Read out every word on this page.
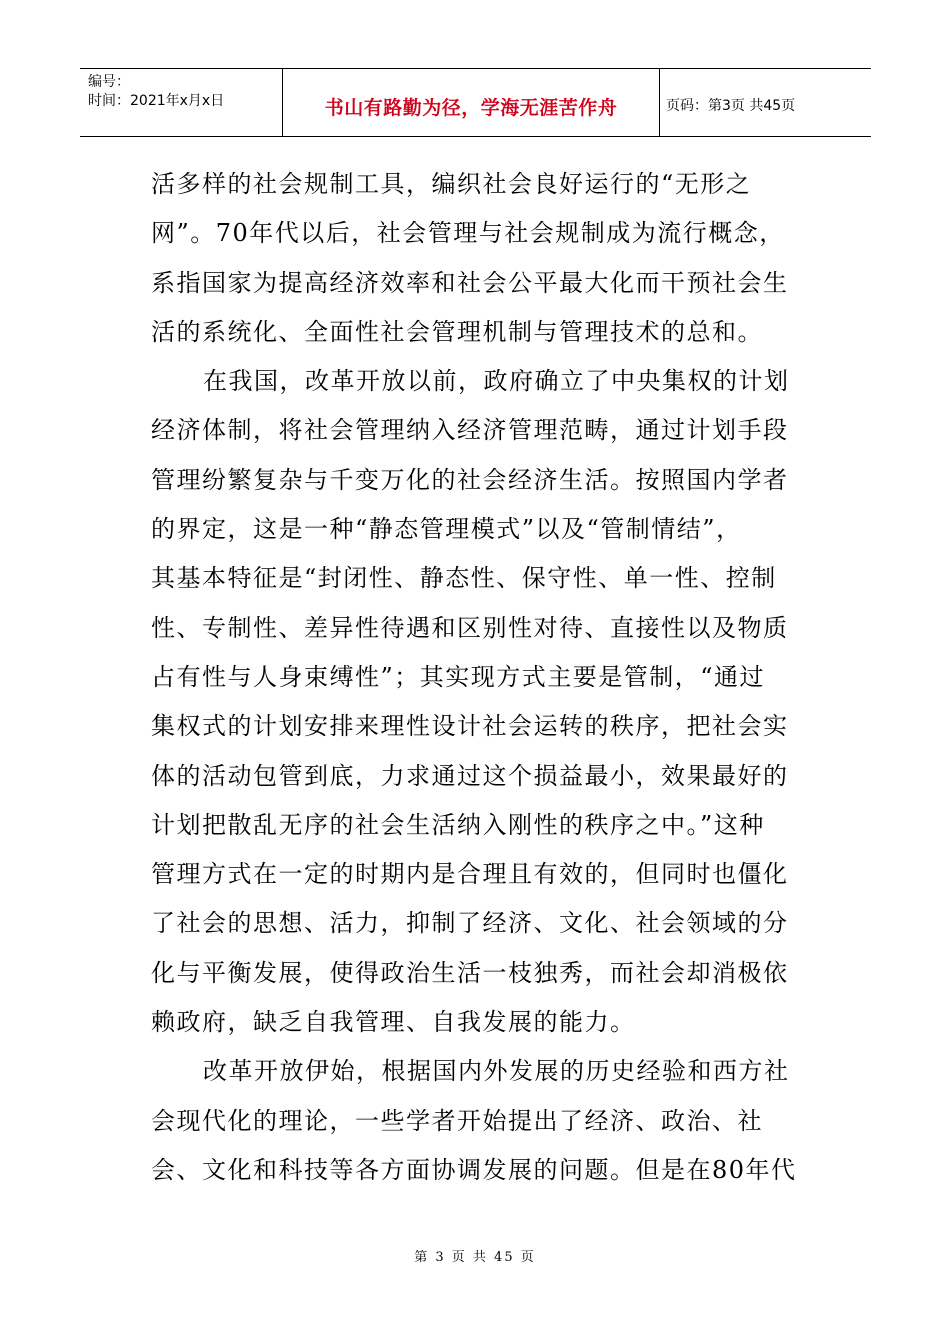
编号：
时间：2021年x月x日	书山有路勤为径，学海无涯苦作舟	页码：第3页 共45页
活多样的社会规制工具，编织社会良好运行的“无形之
网”。70年代以后，社会管理与社会规制成为流行概念，
系指国家为提高经济效率和社会公平最大化而干预社会生
活的系统化、全面性社会管理机制与管理技术的总和。
在我国，改革开放以前，政府确立了中央集权的计划
经济体制，将社会管理纳入经济管理范畴，通过计划手段
管理纷繁复杂与千变万化的社会经济生活。按照国内学者
的界定，这是一种“静态管理模式”以及“管制情结”，
其基本特征是“封闭性、静态性、保守性、单一性、控制
性、专制性、差异性待遇和区别性对待、直接性以及物质
占有性与人身束缚性”；其实现方式主要是管制，“通过
集权式的计划安排来理性设计社会运转的秩序，把社会实
体的活动包管到底，力求通过这个损益最小，效果最好的
计划把散乱无序的社会生活纳入刚性的秩序之中。”这种
管理方式在一定的时期内是合理且有效的，但同时也僵化
了社会的思想、活力，抑制了经济、文化、社会领域的分
化与平衡发展，使得政治生活一枝独秀，而社会却消极依
赖政府，缺乏自我管理、自我发展的能力。
改革开放伊始，根据国内外发展的历史经验和西方社
会现代化的理论，一些学者开始提出了经济、政治、社
会、文化和科技等各方面协调发展的问题。但是在80年代
第 3 页 共 45 页
